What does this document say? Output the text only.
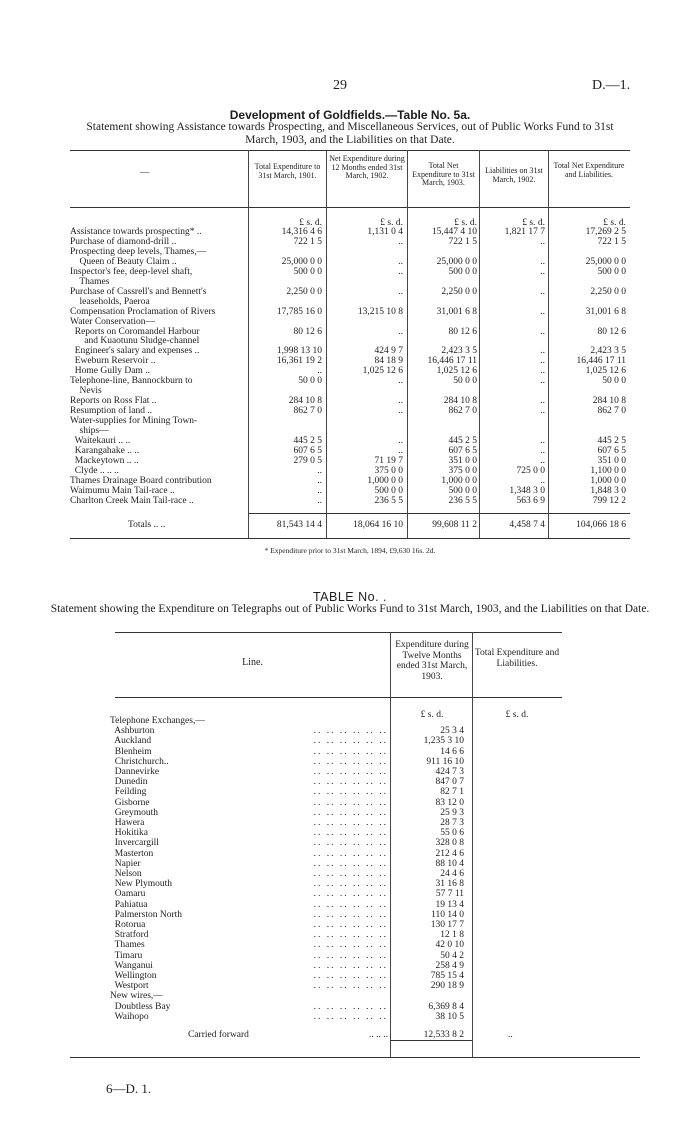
29	D.—1.
Development of Goldfields.—Table No. 5a.
Statement showing Assistance towards Prospecting, and Miscellaneous Services, out of Public Works Fund to 31st March, 1903, and the Liabilities on that Date.
—
Total Expenditure to 31st March, 1901.
Net Expenditure during 12 Months ended 31st March, 1902.
Total Net Expenditure to 31st March, 1903.
Liabilities on 31st March, 1902.
Total Net Expenditure and Liabilities.
£ s. d.	£ s. d.	£ s. d.	£ s. d.	£ s. d.
Assistance towards prospecting* ..	14,316 4 6	1,131 0 4	15,447 4 10	1,821 17 7	17,269 2 5
Purchase of diamond-drill ..	722 1 5	..	722 1 5	..	722 1 5
Prospecting deep levels, Thames,—
Queen of Beauty Claim ..	25,000 0 0	..	25,000 0 0	..	25,000 0 0
Inspector's fee, deep-level shaft,	500 0 0	..	500 0 0	..	500 0 0
Thames
Purchase of Cassrell's and Bennett's	2,250 0 0	..	2,250 0 0	..	2,250 0 0
leaseholds, Paeroa
Compensation Proclamation of Rivers	17,785 16 0	13,215 10 8	31,001 6 8	..	31,001 6 8
Water Conservation—
Reports on Coromandel Harbour	80 12 6	..	80 12 6	..	80 12 6
and Kuaotunu Sludge-channel
Engineer's salary and expenses ..	1,998 13 10	424 9 7	2,423 3 5	..	2,423 3 5
Eweburn Reservoir ..	16,361 19 2	84 18 9	16,446 17 11	..	16,446 17 11
Home Gully Dam ..	..	1,025 12 6	1,025 12 6	..	1,025 12 6
Telephone-line, Bannockburn to	50 0 0	..	50 0 0	..	50 0 0
Nevis
Reports on Ross Flat ..	284 10 8	..	284 10 8	..	284 10 8
Resumption of land ..	862 7 0	..	862 7 0	..	862 7 0
Water-supplies for Mining Town-
ships—
Waitekauri .. ..	445 2 5	..	445 2 5	..	445 2 5
Karangahake .. ..	607 6 5	..	607 6 5	..	607 6 5
Mackeytown .. ..	279 0 5	71 19 7	351 0 0	..	351 0 0
Clyde .. .. ..	..	375 0 0	375 0 0	725 0 0	1,100 0 0
Thames Drainage Board contribution	..	1,000 0 0	1,000 0 0	..	1,000 0 0
Waimumu Main Tail-race ..	..	500 0 0	500 0 0	1,348 3 0	1,848 3 0
Charlton Creek Main Tail-race ..	..	236 5 5	236 5 5	563 6 9	799 12 2
Totals .. ..	81,543 14 4	18,064 16 10	99,608 11 2	4,458 7 4	104,066 18 6
* Expenditure prior to 31st March, 1894, £9,630 16s. 2d.
TABLE No. .
Statement showing the Expenditure on Telegraphs out of Public Works Fund to 31st March, 1903, and the Liabilities on that Date.
Line.
Expenditure during Twelve Months ended 31st March, 1903.
Total Expenditure and Liabilities.
£ s. d.	£ s. d.
Telephone Exchanges,—
Ashburton	.. .. .. .. .. ..	25 3 4
Auckland	.. .. .. .. .. ..	1,235 3 10
Blenheim	.. .. .. .. .. ..	14 6 6
Christchurch..	.. .. .. .. .. ..	911 16 10
Dannevirke	.. .. .. .. .. ..	424 7 3
Dunedin	.. .. .. .. .. ..	847 0 7
Feilding	.. .. .. .. .. ..	82 7 1
Gisborne	.. .. .. .. .. ..	83 12 0
Greymouth	.. .. .. .. .. ..	25 9 3
Hawera	.. .. .. .. .. ..	28 7 3
Hokitika	.. .. .. .. .. ..	55 0 6
Invercargill	.. .. .. .. .. ..	328 0 8
Masterton	.. .. .. .. .. ..	212 4 6
Napier	.. .. .. .. .. ..	88 10 4
Nelson	.. .. .. .. .. ..	24 4 6
New Plymouth	.. .. .. .. .. ..	31 16 8
Oamaru	.. .. .. .. .. ..	57 7 11
Pahiatua	.. .. .. .. .. ..	19 13 4
Palmerston North	.. .. .. .. .. ..	110 14 0
Rotorua	.. .. .. .. .. ..	130 17 7
Stratford	.. .. .. .. .. ..	12 1 8
Thames	.. .. .. .. .. ..	42 0 10
Timaru	.. .. .. .. .. ..	50 4 2
Wanganui	.. .. .. .. .. ..	258 4 9
Wellington	.. .. .. .. .. ..	785 15 4
Westport	.. .. .. .. .. ..	290 18 9
New wires,—
Doubtless Bay	.. .. .. .. .. ..	6,369 8 4
Waihopo	.. .. .. .. .. ..	38 10 5
Carried forward	.. .. ..	12,533 8 2	..
6—D. 1.
